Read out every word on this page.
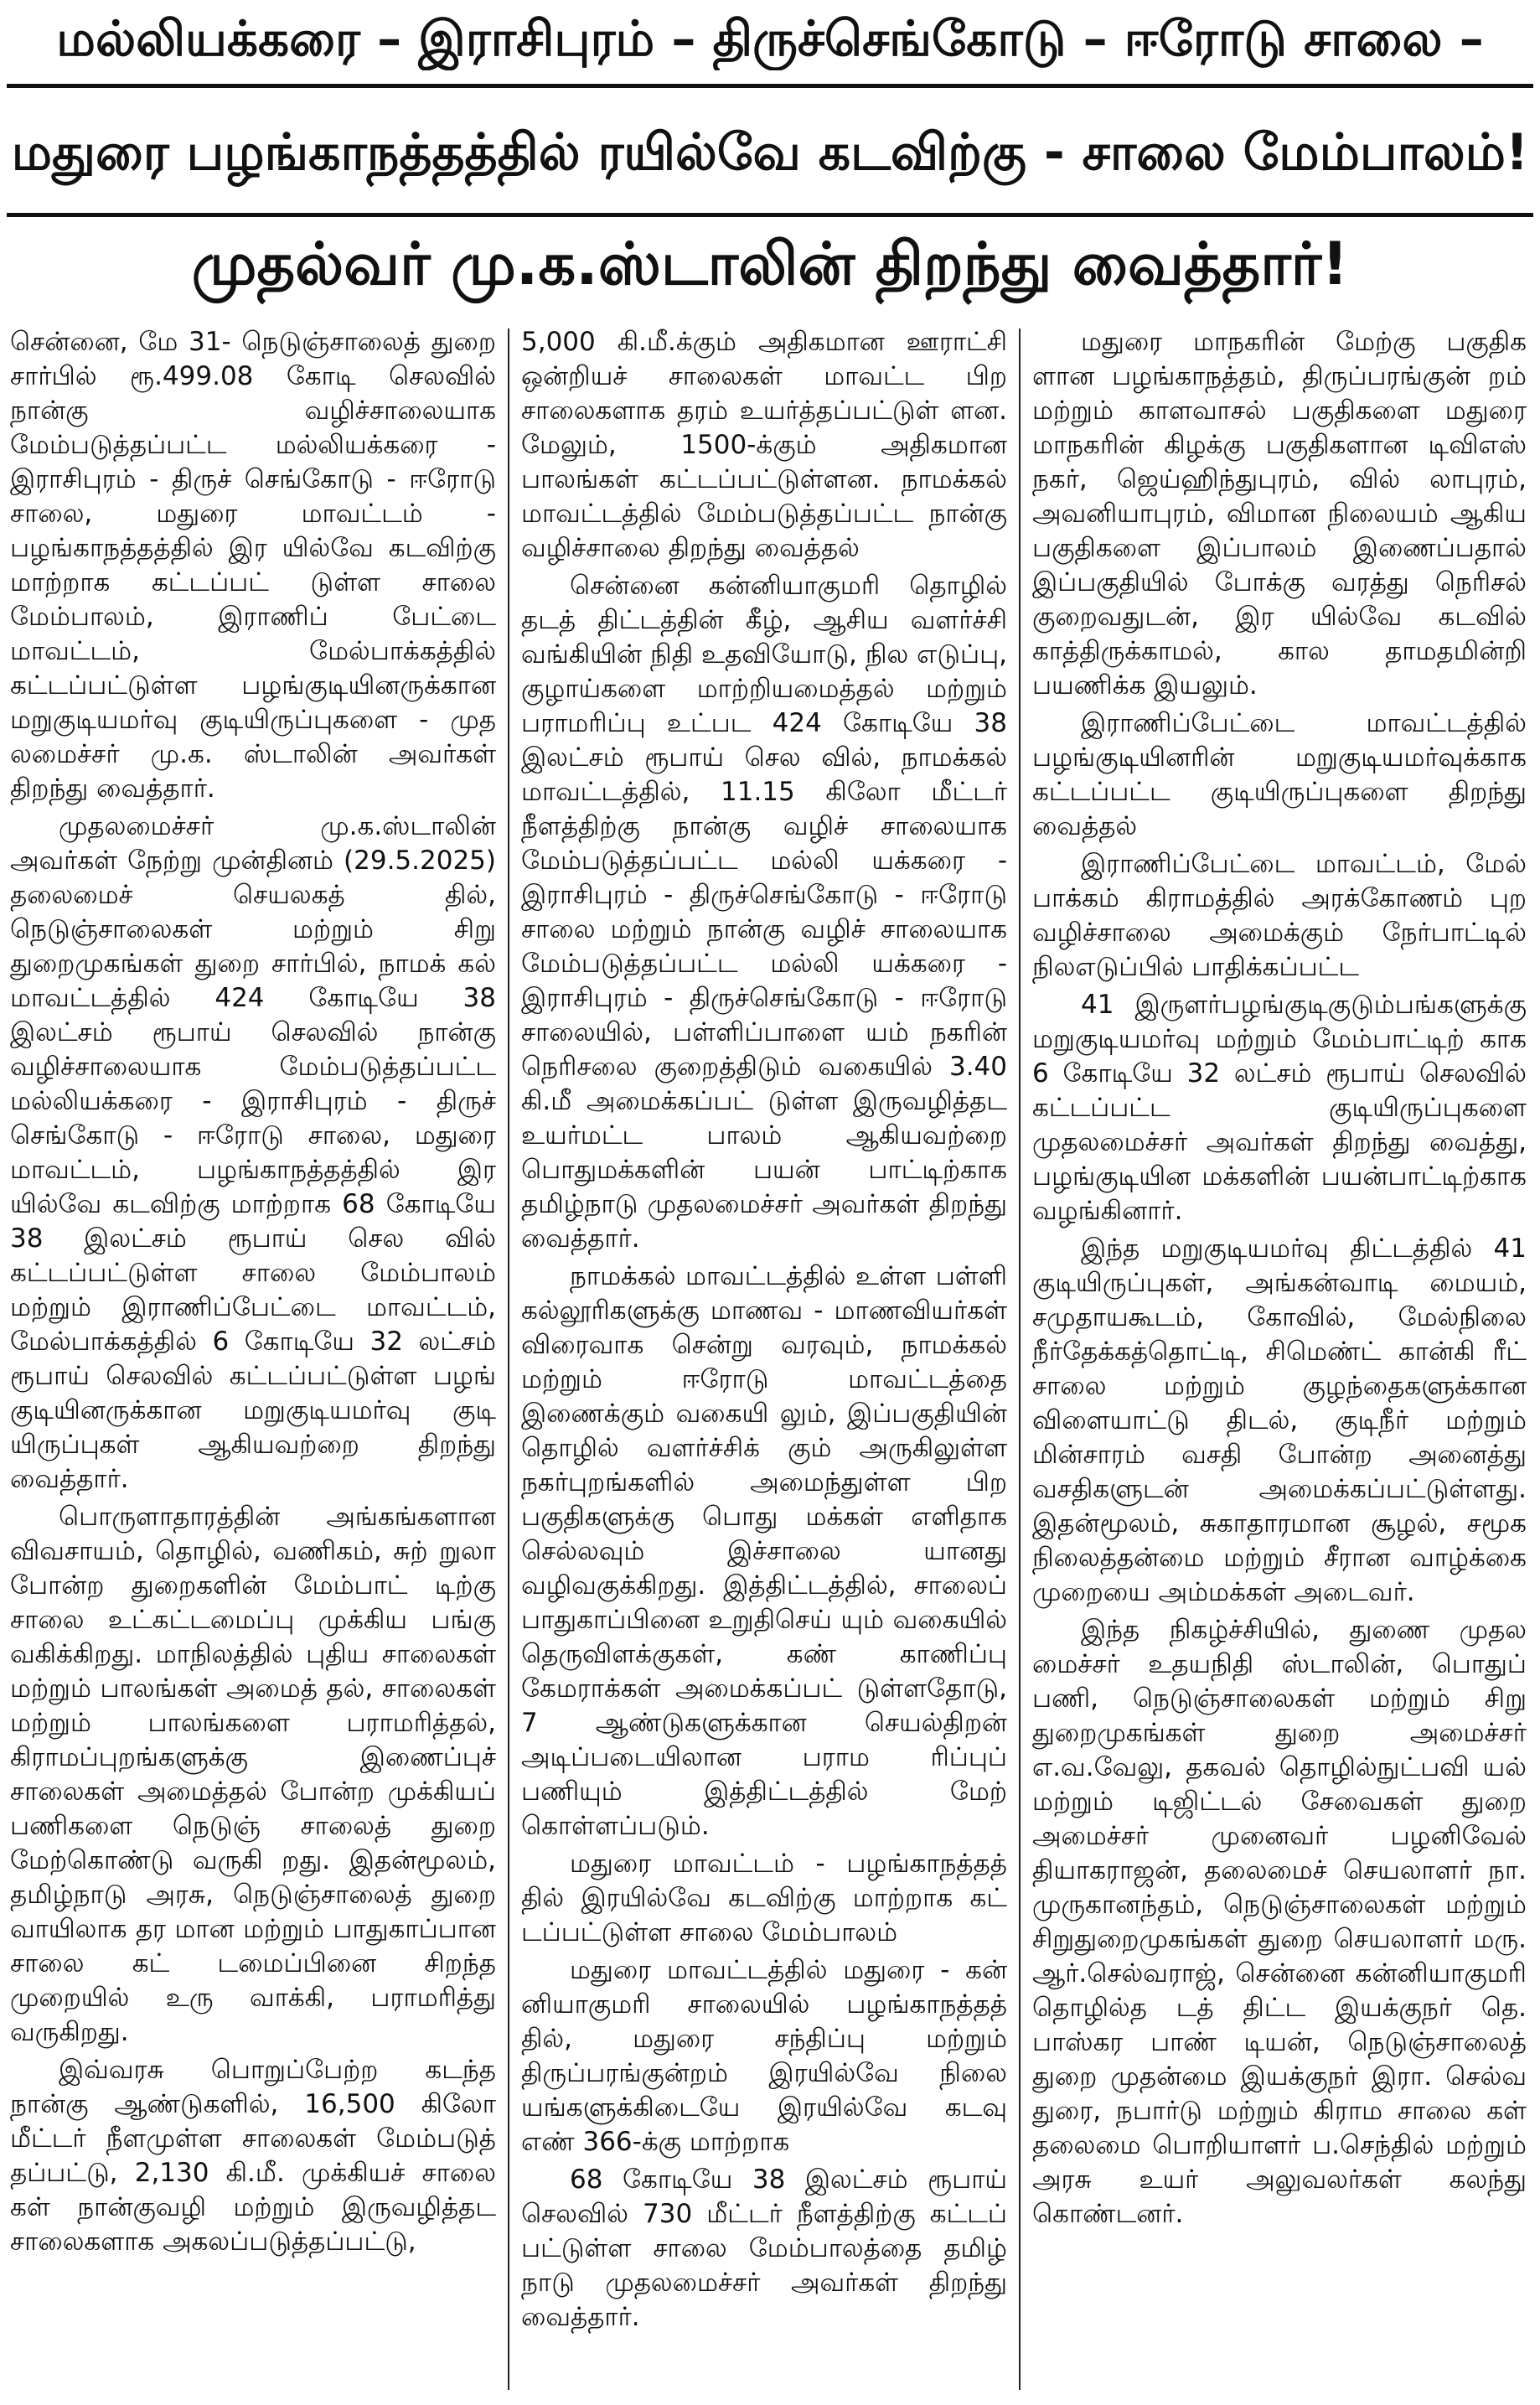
மல்லியக்கரை – இராசிபுரம் – திருச்செங்கோடு – ஈரோடு சாலை –
மதுரை பழங்காநத்தத்தில் ரயில்வே கடவிற்கு - சாலை மேம்பாலம்!
முதல்வர் மு.க.ஸ்டாலின் திறந்து வைத்தார்!

சென்னை, மே 31- நெடுஞ்சாலைத் துறை சார்பில் ரூ.499.08 கோடி செலவில் நான்கு வழிச்சாலையாக மேம்படுத்தப்பட்ட மல்லியக்கரை - இராசிபுரம் - திருச் செங்கோடு - ஈரோடு சாலை, மதுரை மாவட்டம் - பழங்காநத்தத்தில் இர யில்வே கடவிற்கு மாற்றாக கட்டப்பட் டுள்ள சாலை மேம்பாலம், இராணிப் பேட்டை மாவட்டம், மேல்பாக்கத்தில் கட்டப்பட்டுள்ள பழங்குடியினருக்கான மறுகுடியமர்வு குடியிருப்புகளை - முத லமைச்சர் மு.க. ஸ்டாலின் அவர்கள் திறந்து வைத்தார்.

முதலமைச்சர் மு.க.ஸ்டாலின் அவர்கள் நேற்று முன்தினம் (29.5.2025) தலைமைச் செயலகத் தில், நெடுஞ்சாலைகள் மற்றும் சிறு துறைமுகங்கள் துறை சார்பில், நாமக் கல் மாவட்டத்தில் 424 கோடியே 38 இலட்சம் ரூபாய் செலவில் நான்கு வழிச்சாலையாக மேம்படுத்தப்பட்ட மல்லியக்கரை - இராசிபுரம் - திருச் செங்கோடு - ஈரோடு சாலை, மதுரை மாவட்டம், பழங்காநத்தத்தில் இர யில்வே கடவிற்கு மாற்றாக 68 கோடியே 38 இலட்சம் ரூபாய் செல வில் கட்டப்பட்டுள்ள சாலை மேம்பாலம் மற்றும் இராணிப்பேட்டை மாவட்டம், மேல்பாக்கத்தில் 6 கோடியே 32 லட்சம் ரூபாய் செலவில் கட்டப்பட்டுள்ள பழங் குடியினருக்கான மறுகுடியமர்வு குடி யிருப்புகள் ஆகியவற்றை திறந்து வைத்தார்.

பொருளாதாரத்தின் அங்கங்களான விவசாயம், தொழில், வணிகம், சுற் றுலா போன்ற துறைகளின் மேம்பாட் டிற்கு சாலை உட்கட்டமைப்பு முக்கிய பங்கு வகிக்கிறது. மாநிலத்தில் புதிய சாலைகள் மற்றும் பாலங்கள் அமைத் தல், சாலைகள் மற்றும் பாலங்களை பராமரித்தல், கிராமப்புறங்களுக்கு இணைப்புச் சாலைகள் அமைத்தல் போன்ற முக்கியப் பணிகளை நெடுஞ் சாலைத் துறை மேற்கொண்டு வருகி றது. இதன்மூலம், தமிழ்நாடு அரசு, நெடுஞ்சாலைத் துறை வாயிலாக தர மான மற்றும் பாதுகாப்பான சாலை கட் டமைப்பினை சிறந்த முறையில் உரு வாக்கி, பராமரித்து வருகிறது.

இவ்வரசு பொறுப்பேற்ற கடந்த நான்கு ஆண்டுகளில், 16,500 கிலோ மீட்டர் நீளமுள்ள சாலைகள் மேம்படுத் தப்பட்டு, 2,130 கி.மீ. முக்கியச் சாலை கள் நான்குவழி மற்றும் இருவழித்தட சாலைகளாக அகலப்படுத்தப்பட்டு,

5,000 கி.மீ.க்கும் அதிகமான ஊராட்சி ஒன்றியச் சாலைகள் மாவட்ட பிற சாலைகளாக தரம் உயர்த்தப்பட்டுள் ளன. மேலும், 1500-க்கும் அதிகமான பாலங்கள் கட்டப்பட்டுள்ளன. நாமக்கல் மாவட்டத்தில் மேம்படுத்தப்பட்ட நான்கு வழிச்சாலை திறந்து வைத்தல்

சென்னை கன்னியாகுமரி தொழில் தடத் திட்டத்தின் கீழ், ஆசிய வளர்ச்சி வங்கியின் நிதி உதவியோடு, நில எடுப்பு, குழாய்களை மாற்றியமைத்தல் மற்றும் பராமரிப்பு உட்பட 424 கோடியே 38 இலட்சம் ரூபாய் செல வில், நாமக்கல் மாவட்டத்தில், 11.15 கிலோ மீட்டர் நீளத்திற்கு நான்கு வழிச் சாலையாக மேம்படுத்தப்பட்ட மல்லி யக்கரை - இராசிபுரம் - திருச்செங்கோடு - ஈரோடு சாலை மற்றும் நான்கு வழிச் சாலையாக மேம்படுத்தப்பட்ட மல்லி யக்கரை - இராசிபுரம் - திருச்செங்கோடு - ஈரோடு சாலையில், பள்ளிப்பாளை யம் நகரின் நெரிசலை குறைத்திடும் வகையில் 3.40 கி.மீ அமைக்கப்பட் டுள்ள இருவழித்தட உயர்மட்ட பாலம் ஆகியவற்றை பொதுமக்களின் பயன் பாட்டிற்காக தமிழ்நாடு முதலமைச்சர் அவர்கள் திறந்து வைத்தார்.

நாமக்கல் மாவட்டத்தில் உள்ள பள்ளி கல்லூரிகளுக்கு மாணவ - மாணவியர்கள் விரைவாக சென்று வரவும், நாமக்கல் மற்றும் ஈரோடு மாவட்டத்தை இணைக்கும் வகையி லும், இப்பகுதியின் தொழில் வளர்ச்சிக் கும் அருகிலுள்ள நகர்புறங்களில் அமைந்துள்ள பிற பகுதிகளுக்கு பொது மக்கள் எளிதாக செல்லவும் இச்சாலை யானது வழிவகுக்கிறது. இத்திட்டத்தில், சாலைப் பாதுகாப்பினை உறுதிசெய் யும் வகையில் தெருவிளக்குகள், கண் காணிப்பு கேமராக்கள் அமைக்கப்பட் டுள்ளதோடு, 7 ஆண்டுகளுக்கான செயல்திறன் அடிப்படையிலான பராம ரிப்புப் பணியும் இத்திட்டத்தில் மேற் கொள்ளப்படும்.

மதுரை மாவட்டம் - பழங்காநத்தத் தில் இரயில்வே கடவிற்கு மாற்றாக கட் டப்பட்டுள்ள சாலை மேம்பாலம்

மதுரை மாவட்டத்தில் மதுரை - கன் னியாகுமரி சாலையில் பழங்காநத்தத் தில், மதுரை சந்திப்பு மற்றும் திருப்பரங்குன்றம் இரயில்வே நிலை யங்களுக்கிடையே இரயில்வே கடவு எண் 366-க்கு மாற்றாக

68 கோடியே 38 இலட்சம் ரூபாய் செலவில் 730 மீட்டர் நீளத்திற்கு கட்டப் பட்டுள்ள சாலை மேம்பாலத்தை தமிழ் நாடு முதலமைச்சர் அவர்கள் திறந்து வைத்தார்.

மதுரை மாநகரின் மேற்கு பகுதிக ளான பழங்காநத்தம், திருப்பரங்குன் றம் மற்றும் காளவாசல் பகுதிகளை மதுரை மாநகரின் கிழக்கு பகுதிகளான டிவிஎஸ் நகர், ஜெய்ஹிந்துபுரம், வில் லாபுரம், அவனியாபுரம், விமான நிலையம் ஆகிய பகுதிகளை இப்பாலம் இணைப்பதால் இப்பகுதியில் போக்கு வரத்து நெரிசல் குறைவதுடன், இர யில்வே கடவில் காத்திருக்காமல், கால தாமதமின்றி பயணிக்க இயலும்.

இராணிப்பேட்டை மாவட்டத்தில் பழங்குடியினரின் மறுகுடியமர்வுக்காக கட்டப்பட்ட குடியிருப்புகளை திறந்து வைத்தல்

இராணிப்பேட்டை மாவட்டம், மேல் பாக்கம் கிராமத்தில் அரக்கோணம் புற வழிச்சாலை அமைக்கும் நேர்பாட்டில் நிலஎடுப்பில் பாதிக்கப்பட்ட

41 இருளர்பழங்குடிகுடும்பங்களுக்கு மறுகுடியமர்வு மற்றும் மேம்பாட்டிற் காக 6 கோடியே 32 லட்சம் ரூபாய் செலவில் கட்டப்பட்ட குடியிருப்புகளை முதலமைச்சர் அவர்கள் திறந்து வைத்து, பழங்குடியின மக்களின் பயன்பாட்டிற்காக வழங்கினார்.

இந்த மறுகுடியமர்வு திட்டத்தில் 41 குடியிருப்புகள், அங்கன்வாடி மையம், சமுதாயகூடம், கோவில், மேல்நிலை நீர்தேக்கத்தொட்டி, சிமெண்ட் கான்கி ரீட் சாலை மற்றும் குழந்தைகளுக்கான விளையாட்டு திடல், குடிநீர் மற்றும் மின்சாரம் வசதி போன்ற அனைத்து வசதிகளுடன் அமைக்கப்பட்டுள்ளது. இதன்மூலம், சுகாதாரமான சூழல், சமூக நிலைத்தன்மை மற்றும் சீரான வாழ்க்கை முறையை அம்மக்கள் அடைவர்.

இந்த நிகழ்ச்சியில், துணை முதல மைச்சர் உதயநிதி ஸ்டாலின், பொதுப் பணி, நெடுஞ்சாலைகள் மற்றும் சிறு துறைமுகங்கள் துறை அமைச்சர் எ.வ.வேலு, தகவல் தொழில்நுட்பவி யல் மற்றும் டிஜிட்டல் சேவைகள் துறை அமைச்சர் முனைவர் பழனிவேல் தியாகராஜன், தலைமைச் செயலாளர் நா. முருகானந்தம், நெடுஞ்சாலைகள் மற்றும் சிறுதுறைமுகங்கள் துறை செயலாளர் மரு. ஆர்.செல்வராஜ், சென்னை கன்னியாகுமரி தொழில்த டத் திட்ட இயக்குநர் தெ. பாஸ்கர பாண் டியன், நெடுஞ்சாலைத் துறை முதன்மை இயக்குநர் இரா. செல்வ துரை, நபார்டு மற்றும் கிராம சாலை கள் தலைமை பொறியாளர் ப.செந்தில் மற்றும் அரசு உயர் அலுவலர்கள் கலந்து கொண்டனர்.
